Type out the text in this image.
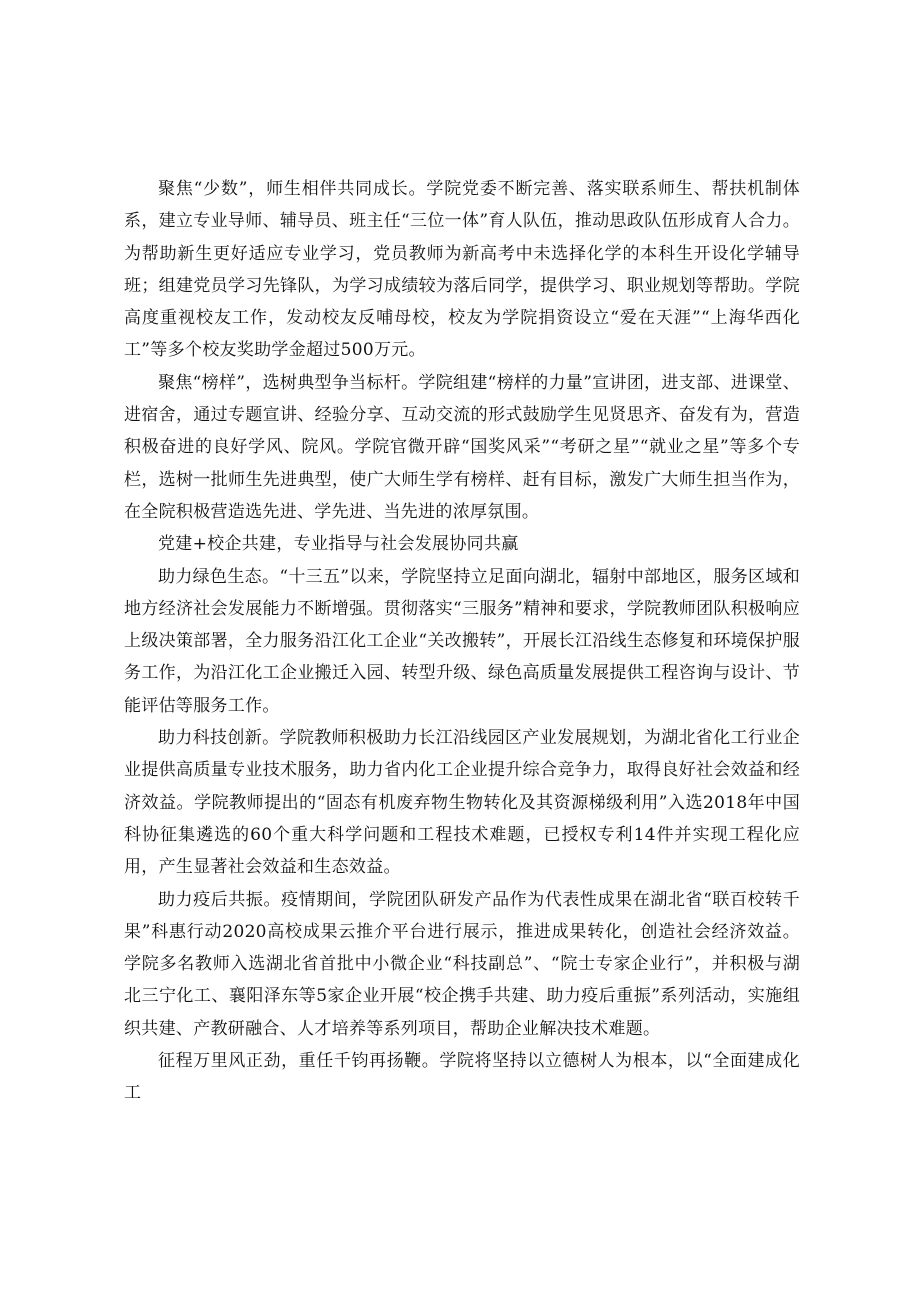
聚焦“少数”，师生相伴共同成长。学院党委不断完善、落实联系师生、帮扶机制体系，建立专业导师、辅导员、班主任“三位一体”育人队伍，推动思政队伍形成育人合力。为帮助新生更好适应专业学习，党员教师为新高考中未选择化学的本科生开设化学辅导班；组建党员学习先锋队，为学习成绩较为落后同学，提供学习、职业规划等帮助。学院高度重视校友工作，发动校友反哺母校，校友为学院捐资设立“爱在天涯”“上海华西化工”等多个校友奖助学金超过500万元。

聚焦“榜样”，选树典型争当标杆。学院组建“榜样的力量”宣讲团，进支部、进课堂、进宿舍，通过专题宣讲、经验分享、互动交流的形式鼓励学生见贤思齐、奋发有为，营造积极奋进的良好学风、院风。学院官微开辟“国奖风采”“考研之星”“就业之星”等多个专栏，选树一批师生先进典型，使广大师生学有榜样、赶有目标，激发广大师生担当作为，在全院积极营造选先进、学先进、当先进的浓厚氛围。

党建+校企共建，专业指导与社会发展协同共赢

助力绿色生态。“十三五”以来，学院坚持立足面向湖北，辐射中部地区，服务区域和地方经济社会发展能力不断增强。贯彻落实“三服务”精神和要求，学院教师团队积极响应上级决策部署，全力服务沿江化工企业“关改搬转”，开展长江沿线生态修复和环境保护服务工作，为沿江化工企业搬迁入园、转型升级、绿色高质量发展提供工程咨询与设计、节能评估等服务工作。

助力科技创新。学院教师积极助力长江沿线园区产业发展规划，为湖北省化工行业企业提供高质量专业技术服务，助力省内化工企业提升综合竞争力，取得良好社会效益和经济效益。学院教师提出的“固态有机废弃物生物转化及其资源梯级利用”入选2018年中国科协征集遴选的60个重大科学问题和工程技术难题，已授权专利14件并实现工程化应用，产生显著社会效益和生态效益。

助力疫后共振。疫情期间，学院团队研发产品作为代表性成果在湖北省“联百校转千果”科惠行动2020高校成果云推介平台进行展示，推进成果转化，创造社会经济效益。学院多名教师入选湖北省首批中小微企业“科技副总”、“院士专家企业行”，并积极与湖北三宁化工、襄阳泽东等5家企业开展“校企携手共建、助力疫后重振”系列活动，实施组织共建、产教研融合、人才培养等系列项目，帮助企业解决技术难题。

征程万里风正劲，重任千钧再扬鞭。学院将坚持以立德树人为根本，以“全面建成化工
